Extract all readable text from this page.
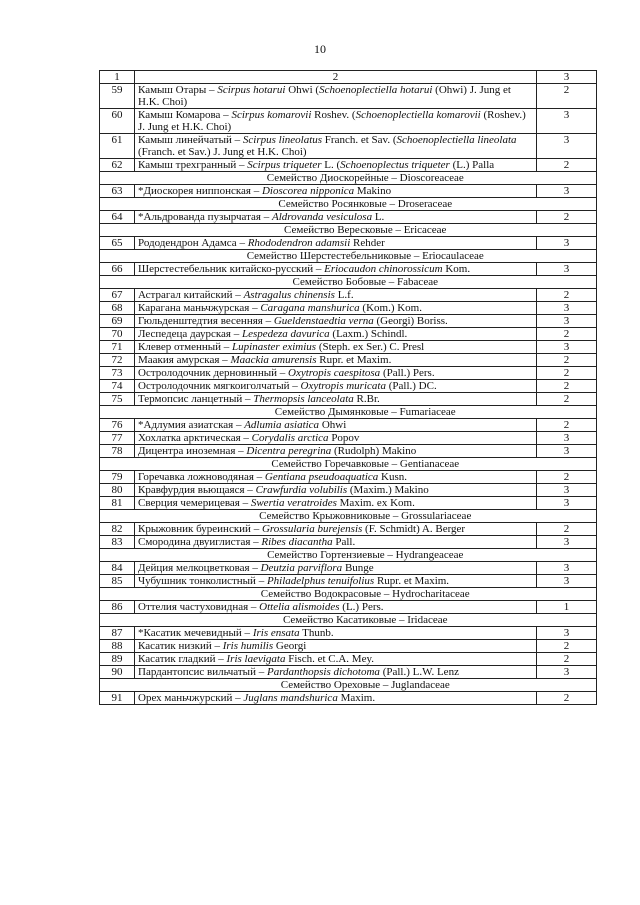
10
1	2	3
59	Камыш Отары – Scirpus hotarui Ohwi (Schoenoplectiella hotarui (Ohwi) J. Jung et H.K. Choi)	2
60	Камыш Комарова – Scirpus komarovii Roshev. (Schoenoplectiella komarovii (Roshev.) J. Jung et H.K. Choi)	3
61	Камыш линейчатый – Scirpus lineolatus Franch. et Sav. (Schoenoplectiella lineolata (Franch. et Sav.) J. Jung et H.K. Choi)	3
62	Камыш трехгранный – Scirpus triqueter L. (Schoenoplectus triqueter (L.) Palla	2
	Семейство Диоскорейные – Dioscoreaceae	
63	*Диоскорея ниппонская – Dioscorea nipponica Makino	3
	Семейство Росянковые – Droseraceae	
64	*Альдрованда пузырчатая – Aldrovanda vesiculosa L.	2
	Семейство Вересковые – Ericaceae	
65	Рододендрон Адамса – Rhododendron adamsii Rehder	3
	Семейство Шерстестебельниковые – Eriocaulaceae	
66	Шерстестебельник китайско-русский – Eriocaudon chinorossicum Kom.	3
	Семейство Бобовые – Fabaceae	
67	Астрагал китайский – Astragalus chinensis L.f.	2
68	Карагана маньчжурская – Caragana manshurica (Kom.) Kom.	3
69	Гюльденштедтия весенняя – Gueldenstaedtia verna (Georgi) Boriss.	3
70	Леспедеца даурская – Lespedeza davurica (Laxm.) Schindl.	2
71	Клевер отменный – Lupinaster eximius (Steph. ex Ser.) C. Presl	3
72	Маакия амурская – Maackia amurensis Rupr. et Maxim.	2
73	Остролодочник дерновинный – Oxytropis caespitosa (Pall.) Pers.	2
74	Остролодочник мягкоиголчатый – Oxytropis muricata (Pall.) DC.	2
75	Термопсис ланцетный – Thermopsis lanceolata R.Br.	2
	Семейство Дымянковые – Fumariaceae	
76	*Адлумия азиатская – Adlumia asiatica Ohwi	2
77	Хохлатка арктическая – Corydalis arctica Popov	3
78	Дицентра иноземная – Dicentra peregrina (Rudolph) Makino	3
	Семейство Горечавковые – Gentianaceae	
79	Горечавка ложноводяная – Gentiana pseudoaquatica Kusn.	2
80	Кравфурдия вьющаяся – Crawfurdia volubilis (Maxim.) Makino	3
81	Сверция чемерицевая – Swertia veratroides Maxim. ex Kom.	3
	Семейство Крыжовниковые – Grossulariaceae	
82	Крыжовник буреинский – Grossularia burejensis (F. Schmidt) A. Berger	2
83	Смородина двуиглистая – Ribes diacantha Pall.	3
	Семейство Гортензиевые – Hydrangeaceae	
84	Дейция мелкоцветковая – Deutzia parviflora Bunge	3
85	Чубушник тонколистный – Philadelphus tenuifolius Rupr. et Maxim.	3
	Семейство Водокрасовые – Hydrocharitaceae	
86	Оттелия частуховидная – Ottelia alismoides (L.) Pers.	1
	Семейство Касатиковые – Iridaceae	
87	*Касатик мечевидный – Iris ensata Thunb.	3
88	Касатик низкий – Iris humilis Georgi	2
89	Касатик гладкий – Iris laevigata Fisch. et C.A. Mey.	2
90	Пардантопсис вильчатый – Pardanthopsis dichotoma (Pall.) L.W. Lenz	3
	Семейство Ореховые – Juglandaceae	
91	Орех маньчжурский – Juglans mandshurica Maxim.	2
